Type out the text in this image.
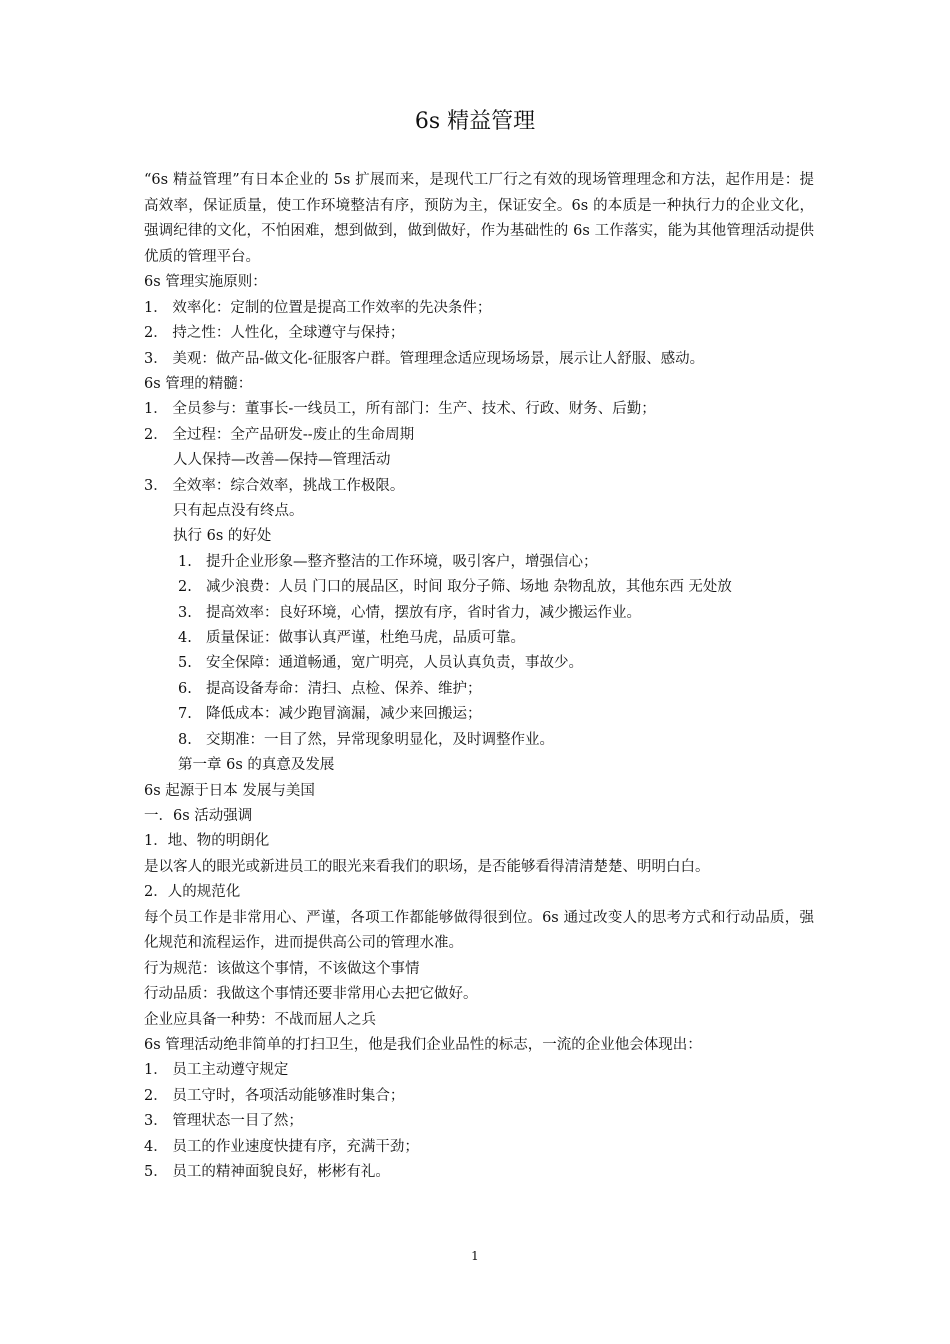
6s 精益管理

“6s 精益管理”有日本企业的 5s 扩展而来，是现代工厂行之有效的现场管理理念和方法，起作用是：提高效率，保证质量，使工作环境整洁有序，预防为主，保证安全。6s 的本质是一种执行力的企业文化，强调纪律的文化，不怕困难，想到做到，做到做好，作为基础性的 6s 工作落实，能为其他管理活动提供优质的管理平台。

6s 管理实施原则：
1． 效率化：定制的位置是提高工作效率的先决条件；
2． 持之性：人性化，全球遵守与保持；
3． 美观：做产品-做文化-征服客户群。管理理念适应现场场景，展示让人舒服、感动。
6s 管理的精髓：
1． 全员参与：董事长-一线员工，所有部门：生产、技术、行政、财务、后勤；
2． 全过程：全产品研发--废止的生命周期
人人保持—改善—保持—管理活动
3． 全效率：综合效率，挑战工作极限。
只有起点没有终点。
执行 6s 的好处
1. 提升企业形象—整齐整洁的工作环境，吸引客户，增强信心；
2. 减少浪费：人员 门口的展品区，时间 取分子筛、场地 杂物乱放，其他东西 无处放
3. 提高效率：良好环境，心情，摆放有序，省时省力，减少搬运作业。
4. 质量保证：做事认真严谨，杜绝马虎，品质可靠。
5. 安全保障：通道畅通，宽广明亮，人员认真负责，事故少。
6. 提高设备寿命：清扫、点检、保养、维护；
7. 降低成本：减少跑冒滴漏，减少来回搬运；
8. 交期准：一目了然，异常现象明显化，及时调整作业。
第一章 6s 的真意及发展
6s 起源于日本 发展与美国
一．6s 活动强调
1．地、物的明朗化
是以客人的眼光或新进员工的眼光来看我们的职场，是否能够看得清清楚楚、明明白白。
2．人的规范化

每个员工作是非常用心、严谨，各项工作都能够做得很到位。6s 通过改变人的思考方式和行动品质，强化规范和流程运作，进而提供高公司的管理水准。

行为规范：该做这个事情，不该做这个事情
行动品质：我做这个事情还要非常用心去把它做好。
企业应具备一种势：不战而屈人之兵
6s 管理活动绝非简单的打扫卫生，他是我们企业品性的标志，一流的企业他会体现出：
1． 员工主动遵守规定
2． 员工守时，各项活动能够准时集合；
3． 管理状态一目了然；
4． 员工的作业速度快捷有序，充满干劲；
5． 员工的精神面貌良好，彬彬有礼。
1
